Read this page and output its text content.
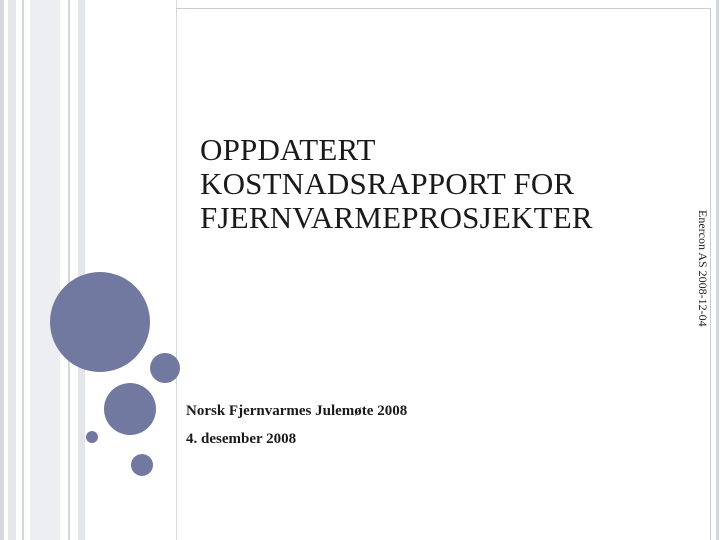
OPPDATERT
KOSTNADSRAPPORT FOR
FJERNVARMEPROSJEKTER
Norsk Fjernvarmes Julemøte 2008
4. desember 2008
Enercon AS 2008-12-04
